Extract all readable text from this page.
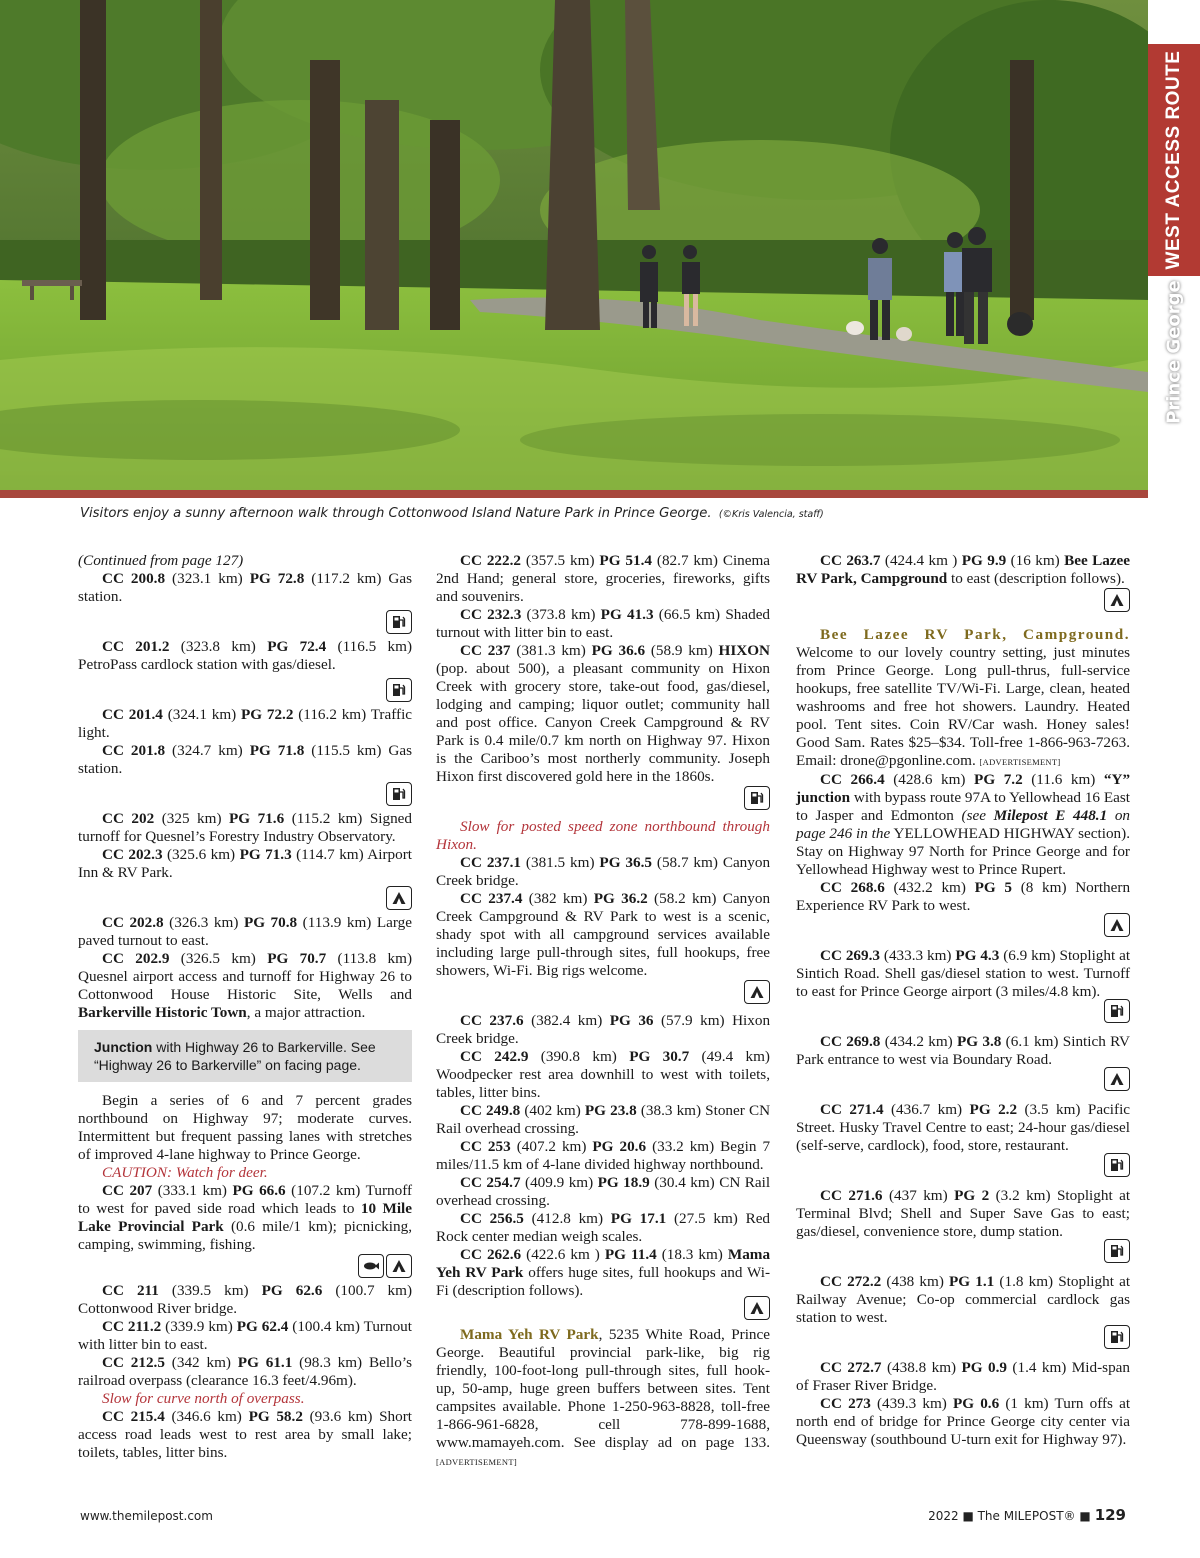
WEST ACCESS ROUTE
Prince George
Visitors enjoy a sunny afternoon walk through Cottonwood Island Nature Park in Prince George. (©Kris Valencia, staff)

(Continued from page 127)

CC 200.8 (323.1 km) PG 72.8 (117.2 km) Gas station.

CC 201.2 (323.8 km) PG 72.4 (116.5 km) PetroPass cardlock station with gas/diesel.

CC 201.4 (324.1 km) PG 72.2 (116.2 km) Traffic light.

CC 201.8 (324.7 km) PG 71.8 (115.5 km) Gas station.

CC 202 (325 km) PG 71.6 (115.2 km) Signed turnoff for Quesnel’s Forestry Industry Observatory.

CC 202.3 (325.6 km) PG 71.3 (114.7 km) Airport Inn & RV Park.

CC 202.8 (326.3 km) PG 70.8 (113.9 km) Large paved turnout to east.

CC 202.9 (326.5 km) PG 70.7 (113.8 km) Quesnel airport access and turnoff for Highway 26 to Cottonwood House Historic Site, Wells and Barkerville Historic Town, a major attraction.

Junction with Highway 26 to Barkerville. See “Highway 26 to Barkerville” on facing page.

Begin a series of 6 and 7 percent grades northbound on Highway 97; moderate curves. Intermittent but frequent passing lanes with stretches of improved 4-lane highway to Prince George.

CAUTION: Watch for deer.

CC 207 (333.1 km) PG 66.6 (107.2 km) Turnoff to west for paved side road which leads to 10 Mile Lake Provincial Park (0.6 mile/1 km); picnicking, camping, swimming, fishing.

CC 211 (339.5 km) PG 62.6 (100.7 km) Cottonwood River bridge.

CC 211.2 (339.9 km) PG 62.4 (100.4 km) Turnout with litter bin to east.

CC 212.5 (342 km) PG 61.1 (98.3 km) Bello’s railroad overpass (clearance 16.3 feet/4.96m).

Slow for curve north of overpass.

CC 215.4 (346.6 km) PG 58.2 (93.6 km) Short access road leads west to rest area by small lake; toilets, tables, litter bins.

CC 222.2 (357.5 km) PG 51.4 (82.7 km) Cinema 2nd Hand; general store, groceries, fireworks, gifts and souvenirs.

CC 232.3 (373.8 km) PG 41.3 (66.5 km) Shaded turnout with litter bin to east.

CC 237 (381.3 km) PG 36.6 (58.9 km) HIXON (pop. about 500), a pleasant community on Hixon Creek with grocery store, take-out food, gas/diesel, lodging and camping; liquor outlet; community hall and post office. Canyon Creek Campground & RV Park is 0.4 mile/0.7 km north on Highway 97. Hixon is the Cariboo’s most northerly community. Joseph Hixon first discovered gold here in the 1860s.

Slow for posted speed zone northbound through Hixon.

CC 237.1 (381.5 km) PG 36.5 (58.7 km) Canyon Creek bridge.

CC 237.4 (382 km) PG 36.2 (58.2 km) Canyon Creek Campground & RV Park to west is a scenic, shady spot with all campground services available including large pull-through sites, full hookups, free showers, Wi-Fi. Big rigs welcome.

CC 237.6 (382.4 km) PG 36 (57.9 km) Hixon Creek bridge.

CC 242.9 (390.8 km) PG 30.7 (49.4 km) Woodpecker rest area downhill to west with toilets, tables, litter bins.

CC 249.8 (402 km) PG 23.8 (38.3 km) Stoner CN Rail overhead crossing.

CC 253 (407.2 km) PG 20.6 (33.2 km) Begin 7 miles/11.5 km of 4-lane divided highway northbound.

CC 254.7 (409.9 km) PG 18.9 (30.4 km) CN Rail overhead crossing.

CC 256.5 (412.8 km) PG 17.1 (27.5 km) Red Rock center median weigh scales.

CC 262.6 (422.6 km ) PG 11.4 (18.3 km) Mama Yeh RV Park offers huge sites, full hookups and Wi-Fi (description follows).

Mama Yeh RV Park, 5235 White Road, Prince George. Beautiful provincial park-like, big rig friendly, 100-foot-long pull-through sites, full hook-up, 50-amp, huge green buffers between sites. Tent campsites available. Phone 1-250-963-8828, toll-free 1-866-961-6828, cell 778-899-1688, www.mamayeh.com. See display ad on page 133. [ADVERTISEMENT]

CC 263.7 (424.4 km ) PG 9.9 (16 km) Bee Lazee RV Park, Campground to east (description follows).

Bee Lazee RV Park, Campground. Welcome to our lovely country setting, just minutes from Prince George. Long pull-thrus, full-service hookups, free satellite TV/Wi-Fi. Large, clean, heated washrooms and free hot showers. Laundry. Heated pool. Tent sites. Coin RV/Car wash. Honey sales! Good Sam. Rates $25–$34. Toll-free 1-866-963-7263. Email: drone@pgonline.com. [ADVERTISEMENT]

CC 266.4 (428.6 km) PG 7.2 (11.6 km) “Y” junction with bypass route 97A to Yellowhead 16 East to Jasper and Edmonton (see Milepost E 448.1 on page 246 in the YELLOWHEAD HIGHWAY section). Stay on Highway 97 North for Prince George and for Yellowhead Highway west to Prince Rupert.

CC 268.6 (432.2 km) PG 5 (8 km) Northern Experience RV Park to west.

CC 269.3 (433.3 km) PG 4.3 (6.9 km) Stoplight at Sintich Road. Shell gas/diesel station to west. Turnoff to east for Prince George airport (3 miles/4.8 km).

CC 269.8 (434.2 km) PG 3.8 (6.1 km) Sintich RV Park entrance to west via Boundary Road.

CC 271.4 (436.7 km) PG 2.2 (3.5 km) Pacific Street. Husky Travel Centre to east; 24-hour gas/diesel (self-serve, cardlock), food, store, restaurant.

CC 271.6 (437 km) PG 2 (3.2 km) Stoplight at Terminal Blvd; Shell and Super Save Gas to east; gas/diesel, convenience store, dump station.

CC 272.2 (438 km) PG 1.1 (1.8 km) Stoplight at Railway Avenue; Co-op commercial cardlock gas station to west.

CC 272.7 (438.8 km) PG 0.9 (1.4 km) Mid-span of Fraser River Bridge.

CC 273 (439.3 km) PG 0.6 (1 km) Turn offs at north end of bridge for Prince George city center via Queensway (southbound U-turn exit for Highway 97).

www.themilepost.com	2022 ■ The MILEPOST® ■ 129
